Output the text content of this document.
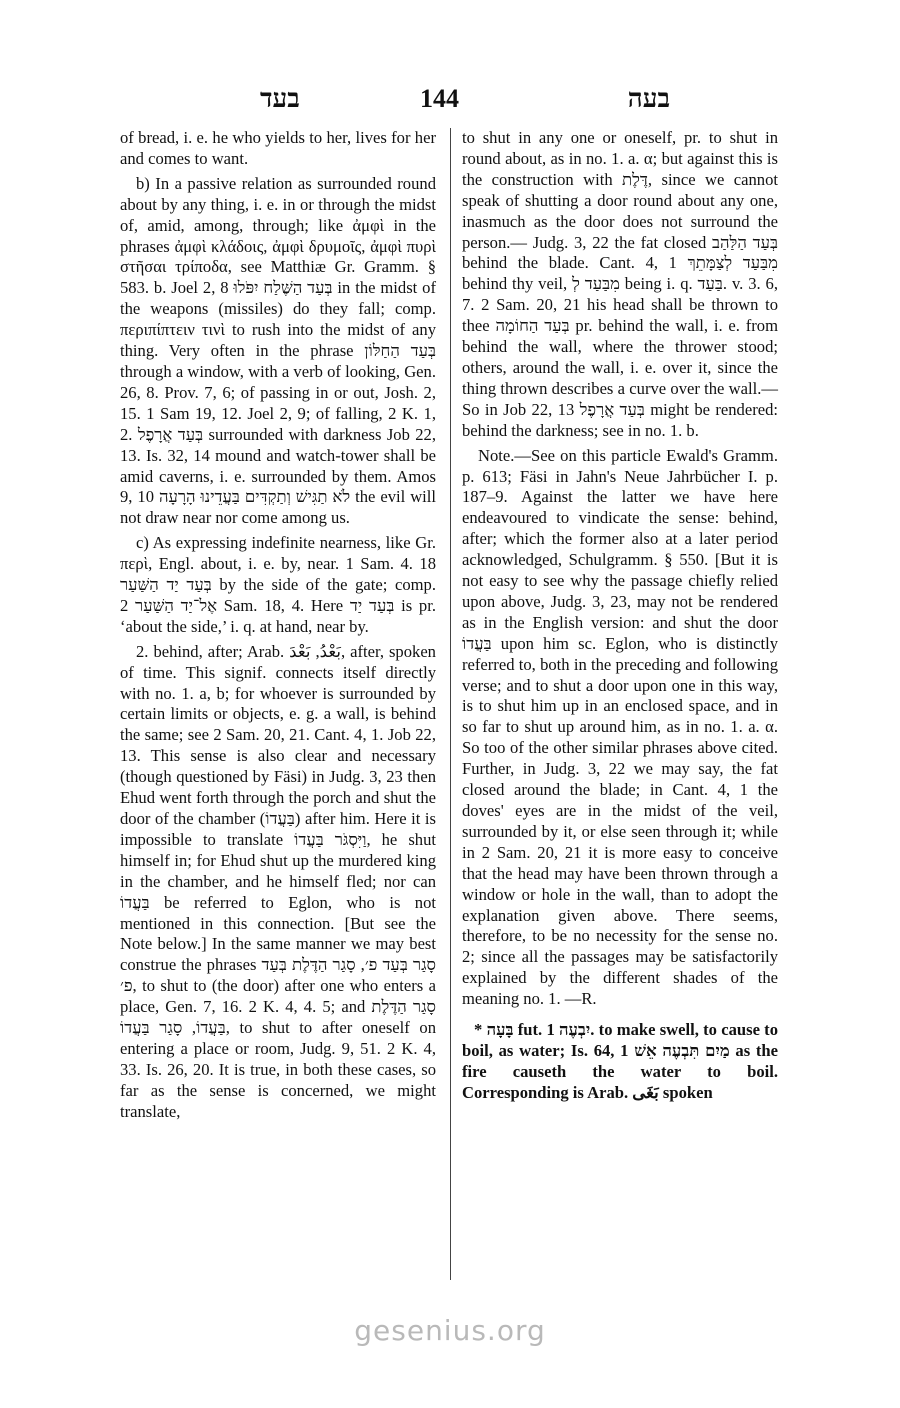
בעד	144	בעה

of bread, i. e. he who yields to her, lives for her and comes to want.

b) In a passive relation as surrounded round about by any thing, i. e. in or through the midst of, amid, among, through; like ἀμφὶ in the phrases ἀμφὶ κλάδοις, ἀμφὶ δρυμοῖς, ἀμφὶ πυρὶ στῆσαι τρίποδα, see Matthiæ Gr. Gramm. § 583. b. Joel 2, 8 בְּעַד הַשֶּׁלַח יִפֹּלוּ in the midst of the weapons (missiles) do they fall; comp. περιπίπτειν τινὶ to rush into the midst of any thing. Very often in the phrase בְּעַד הַחַלּוֹן through a window, with a verb of looking, Gen. 26, 8. Prov. 7, 6; of passing in or out, Josh. 2, 15. 1 Sam 19, 12. Joel 2, 9; of falling, 2 K. 1, 2. בְּעַד אֲרָפֶל surrounded with darkness Job 22, 13. Is. 32, 14 mound and watch-tower shall be amid caverns, i. e. surrounded by them. Amos 9, 10 לֹא תַגִּישׁ וְתַקְדִּים בַּעֲדֵינוּ הָרָעָה the evil will not draw near nor come among us.

c) As expressing indefinite nearness, like Gr. περὶ, Engl. about, i. e. by, near. 1 Sam. 4. 18 בְּעַד יַד הַשַּׁעַר by the side of the gate; comp. אֶל־יַד הַשַּׁעַר 2 Sam. 18, 4. Here בְּעַד יַד is pr. ‘about the side,’ i. q. at hand, near by.

2. behind, after; Arab. بَعْدُ, بَعْدَ, after, spoken of time. This signif. connects itself directly with no. 1. a, b; for whoever is surrounded by certain limits or objects, e. g. a wall, is behind the same; see 2 Sam. 20, 21. Cant. 4, 1. Job 22, 13. This sense is also clear and necessary (though questioned by Fäsi) in Judg. 3, 23 then Ehud went forth through the porch and shut the door of the chamber (בַּעֲדוֹ) after him. Here it is impossible to translate וַיִּסְגֹּר בַּעֲדוֹ, he shut himself in; for Ehud shut up the murdered king in the chamber, and he himself fled; nor can בַּעֲדוֹ be referred to Eglon, who is not mentioned in this connection. [But see the Note below.] In the same manner we may best construe the phrases סָגַר בְּעַד פ׳, סָגַר הַדֶּלֶת בְּעַד פ׳, to shut to (the door) after one who enters a place, Gen. 7, 16. 2 K. 4, 4. 5; and סָגַר הַדֶּלֶת בַּעֲדוֹ, סָגַר בַּעֲדוֹ, to shut to after oneself on entering a place or room, Judg. 9, 51. 2 K. 4, 33. Is. 26, 20. It is true, in both these cases, so far as the sense is concerned, we might translate,

to shut in any one or oneself, pr. to shut in round about, as in no. 1. a. α; but against this is the construction with דֶּלֶת, since we cannot speak of shutting a door round about any one, inasmuch as the door does not surround the person.— Judg. 3, 22 the fat closed בְּעַד הַלַּהַב behind the blade. Cant. 4, 1 מִבַּעַד לְצַמָּתֵךְ behind thy veil, מִבַּעַד לְ being i. q. בַּעַד. v. 3. 6, 7. 2 Sam. 20, 21 his head shall be thrown to thee בְּעַד הַחוֹמָה pr. behind the wall, i. e. from behind the wall, where the thrower stood; others, around the wall, i. e. over it, since the thing thrown describes a curve over the wall.—So in Job 22, 13 בְּעַד אֲרָפֶל might be rendered: behind the darkness; see in no. 1. b.

Note.—See on this particle Ewald's Gramm. p. 613; Fäsi in Jahn's Neue Jahrbücher I. p. 187–9. Against the latter we have here endeavoured to vindicate the sense: behind, after; which the former also at a later period acknowledged, Schulgramm. § 550. [But it is not easy to see why the passage chiefly relied upon above, Judg. 3, 23, may not be rendered as in the English version: and shut the door בַּעֲדוֹ upon him sc. Eglon, who is distinctly referred to, both in the preceding and following verse; and to shut a door upon one in this way, is to shut him up in an enclosed space, and in so far to shut up around him, as in no. 1. a. α. So too of the other similar phrases above cited. Further, in Judg. 3, 22 we may say, the fat closed around the blade; in Cant. 4, 1 the doves' eyes are in the midst of the veil, surrounded by it, or else seen through it; while in 2 Sam. 20, 21 it is more easy to conceive that the head may have been thrown through a window or hole in the wall, than to adopt the explanation given above. There seems, therefore, to be no necessity for the sense no. 2; since all the passages may be satisfactorily explained by the different shades of the meaning no. 1. —R.

* בָּעָה fut. יִבְעֶה 1. to make swell, to cause to boil, as water; Is. 64, 1 מַיִם תִּבְעֶה אֵשׁ as the fire causeth the water to boil. Corresponding is Arab. بَغَى spoken

gesenius.org
